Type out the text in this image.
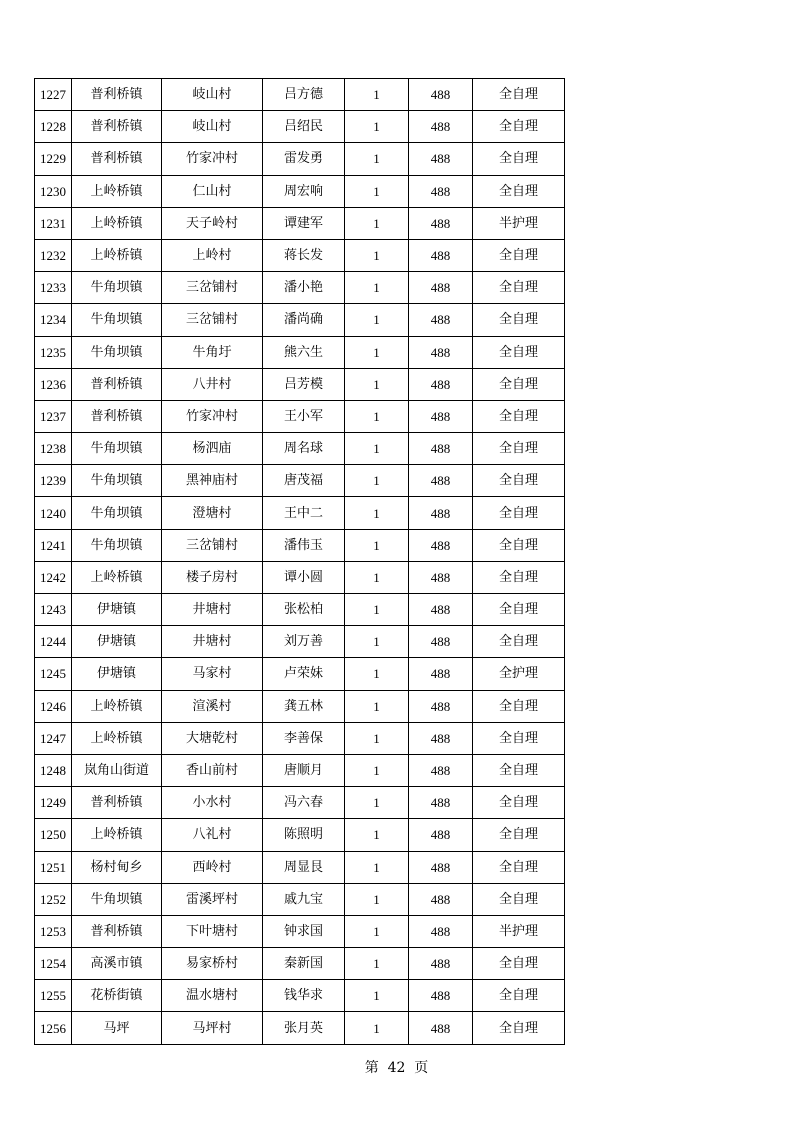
1227	普利桥镇	岐山村	吕方德	1	488	全自理
1228	普利桥镇	岐山村	吕绍民	1	488	全自理
1229	普利桥镇	竹家冲村	雷发勇	1	488	全自理
1230	上岭桥镇	仁山村	周宏响	1	488	全自理
1231	上岭桥镇	天子岭村	谭建军	1	488	半护理
1232	上岭桥镇	上岭村	蒋长发	1	488	全自理
1233	牛角坝镇	三岔铺村	潘小艳	1	488	全自理
1234	牛角坝镇	三岔铺村	潘尚确	1	488	全自理
1235	牛角坝镇	牛角圩	熊六生	1	488	全自理
1236	普利桥镇	八井村	吕芳模	1	488	全自理
1237	普利桥镇	竹家冲村	王小军	1	488	全自理
1238	牛角坝镇	杨泗庙	周名球	1	488	全自理
1239	牛角坝镇	黑神庙村	唐茂福	1	488	全自理
1240	牛角坝镇	澄塘村	王中二	1	488	全自理
1241	牛角坝镇	三岔铺村	潘伟玉	1	488	全自理
1242	上岭桥镇	楼子房村	谭小圆	1	488	全自理
1243	伊塘镇	井塘村	张松柏	1	488	全自理
1244	伊塘镇	井塘村	刘万善	1	488	全自理
1245	伊塘镇	马家村	卢荣妹	1	488	全护理
1246	上岭桥镇	渲溪村	龚五林	1	488	全自理
1247	上岭桥镇	大塘乾村	李善保	1	488	全自理
1248	岚角山街道	香山前村	唐顺月	1	488	全自理
1249	普利桥镇	小水村	冯六春	1	488	全自理
1250	上岭桥镇	八礼村	陈照明	1	488	全自理
1251	杨村甸乡	西岭村	周显艮	1	488	全自理
1252	牛角坝镇	雷溪坪村	戚九宝	1	488	全自理
1253	普利桥镇	下叶塘村	钟求国	1	488	半护理
1254	高溪市镇	易家桥村	秦新国	1	488	全自理
1255	花桥街镇	温水塘村	钱华求	1	488	全自理
1256	马坪	马坪村	张月英	1	488	全自理
第  42  页
